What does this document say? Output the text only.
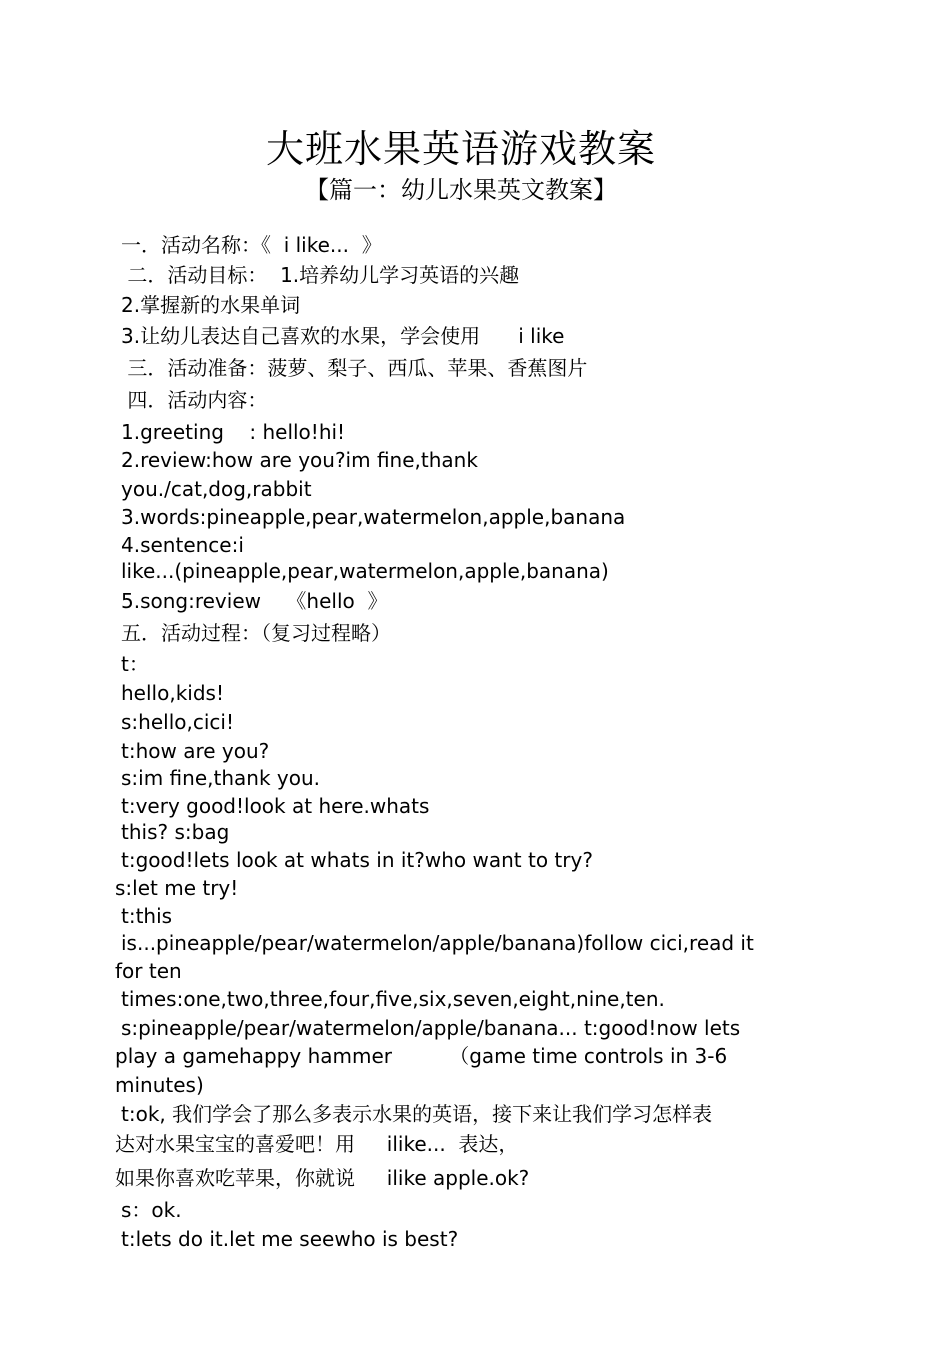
大班水果英语游戏教案
【篇一：幼儿水果英文教案】
一．活动名称：《  i like...  》
二．活动目标：  1.培养幼儿学习英语的兴趣
2.掌握新的水果单词
3.让幼儿表达自己喜欢的水果，学会使用      i like
三．活动准备：菠萝、梨子、西瓜、苹果、香蕉图片
四．活动内容：
1.greeting    : hello!hi!
2.review:how are you?im fine,thank
you./cat,dog,rabbit
3.words:pineapple,pear,watermelon,apple,banana
4.sentence:i
like...(pineapple,pear,watermelon,apple,banana)
5.song:review    《hello  》
五．活动过程：（复习过程略）
t：
hello,kids!
s:hello,cici!
t:how are you?
s:im fine,thank you.
t:very good!look at here.whats
this? s:bag
t:good!lets look at whats in it?who want to try?
s:let me try!
t:this
is...pineapple/pear/watermelon/apple/banana)follow cici,read it
for ten
times:one,two,three,four,five,six,seven,eight,nine,ten.
s:pineapple/pear/watermelon/apple/banana... t:good!now lets
play a gamehappy hammer         （game time controls in 3-6
minutes)
t:ok, 我们学会了那么多表示水果的英语，接下来让我们学习怎样表
达对水果宝宝的喜爱吧！用     ilike...  表达，
如果你喜欢吃苹果，你就说     ilike apple.ok?
s：ok.
t:lets do it.let me seewho is best?
